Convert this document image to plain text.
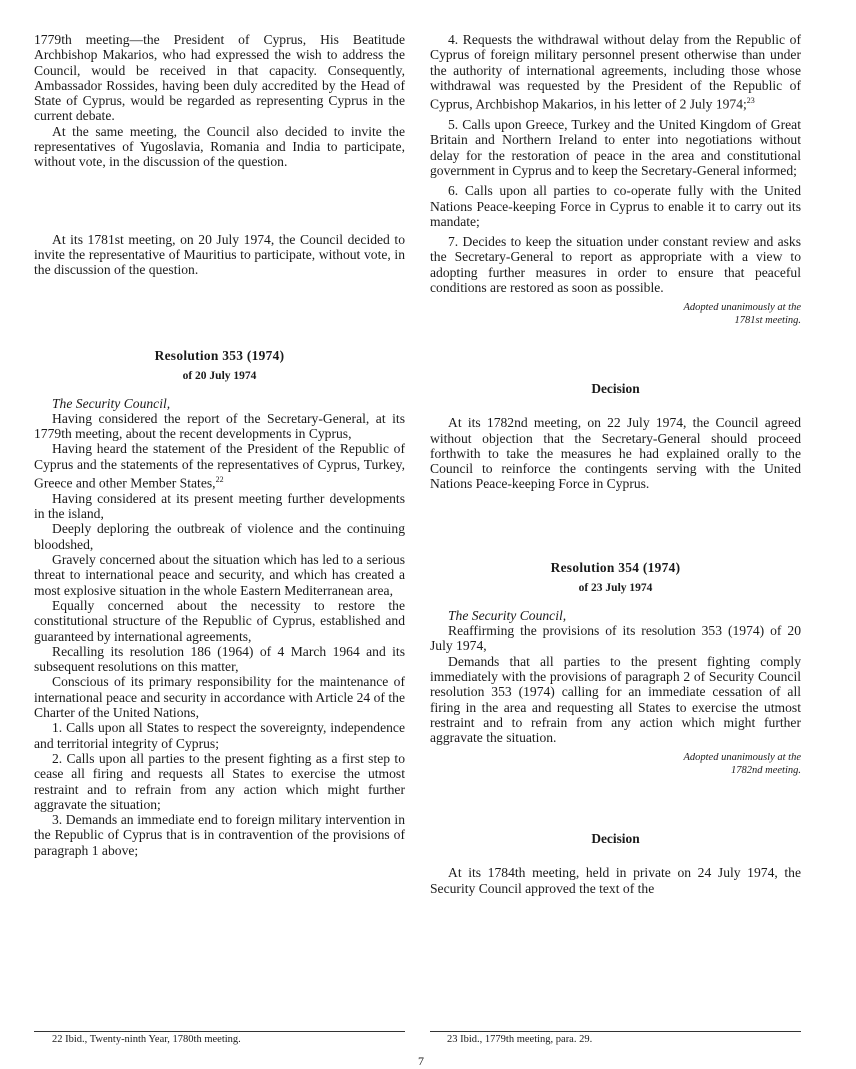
1779th meeting—the President of Cyprus, His Beatitude Archbishop Makarios, who had expressed the wish to address the Council, would be received in that capacity. Consequently, Ambassador Rossides, having been duly accredited by the Head of State of Cyprus, would be regarded as representing Cyprus in the current debate.

At the same meeting, the Council also decided to invite the representatives of Yugoslavia, Romania and India to participate, without vote, in the discussion of the question.

At its 1781st meeting, on 20 July 1974, the Council decided to invite the representative of Mauritius to participate, without vote, in the discussion of the question.

Resolution 353 (1974)
of 20 July 1974

The Security Council,

Having considered the report of the Secretary-General, at its 1779th meeting, about the recent developments in Cyprus,

Having heard the statement of the President of the Republic of Cyprus and the statements of the representatives of Cyprus, Turkey, Greece and other Member States,$^{22}$

Having considered at its present meeting further developments in the island,

Deeply deploring the outbreak of violence and the continuing bloodshed,

Gravely concerned about the situation which has led to a serious threat to international peace and security, and which has created a most explosive situation in the whole Eastern Mediterranean area,

Equally concerned about the necessity to restore the constitutional structure of the Republic of Cyprus, established and guaranteed by international agreements,

Recalling its resolution 186 (1964) of 4 March 1964 and its subsequent resolutions on this matter,

Conscious of its primary responsibility for the maintenance of international peace and security in accordance with Article 24 of the Charter of the United Nations,

1. Calls upon all States to respect the sovereignty, independence and territorial integrity of Cyprus;

2. Calls upon all parties to the present fighting as a first step to cease all firing and requests all States to exercise the utmost restraint and to refrain from any action which might further aggravate the situation;

3. Demands an immediate end to foreign military intervention in the Republic of Cyprus that is in contravention of the provisions of paragraph 1 above;

4. Requests the withdrawal without delay from the Republic of Cyprus of foreign military personnel present otherwise than under the authority of international agreements, including those whose withdrawal was requested by the President of the Republic of Cyprus, Archbishop Makarios, in his letter of 2 July 1974;$^{23}$

5. Calls upon Greece, Turkey and the United Kingdom of Great Britain and Northern Ireland to enter into negotiations without delay for the restoration of peace in the area and constitutional government in Cyprus and to keep the Secretary-General informed;

6. Calls upon all parties to co-operate fully with the United Nations Peace-keeping Force in Cyprus to enable it to carry out its mandate;

7. Decides to keep the situation under constant review and asks the Secretary-General to report as appropriate with a view to adopting further measures in order to ensure that peaceful conditions are restored as soon as possible.

Adopted unanimously at the
1781st meeting.
Decision

At its 1782nd meeting, on 22 July 1974, the Council agreed without objection that the Secretary-General should proceed forthwith to take the measures he had explained orally to the Council to reinforce the contingents serving with the United Nations Peace-keeping Force in Cyprus.

Resolution 354 (1974)
of 23 July 1974

The Security Council,

Reaffirming the provisions of its resolution 353 (1974) of 20 July 1974,

Demands that all parties to the present fighting comply immediately with the provisions of paragraph 2 of Security Council resolution 353 (1974) calling for an immediate cessation of all firing in the area and requesting all States to exercise the utmost restraint and to refrain from any action which might further aggravate the situation.

Adopted unanimously at the
1782nd meeting.
Decision

At its 1784th meeting, held in private on 24 July 1974, the Security Council approved the text of the

22 Ibid., Twenty-ninth Year, 1780th meeting.	23 Ibid., 1779th meeting, para. 29.
7
